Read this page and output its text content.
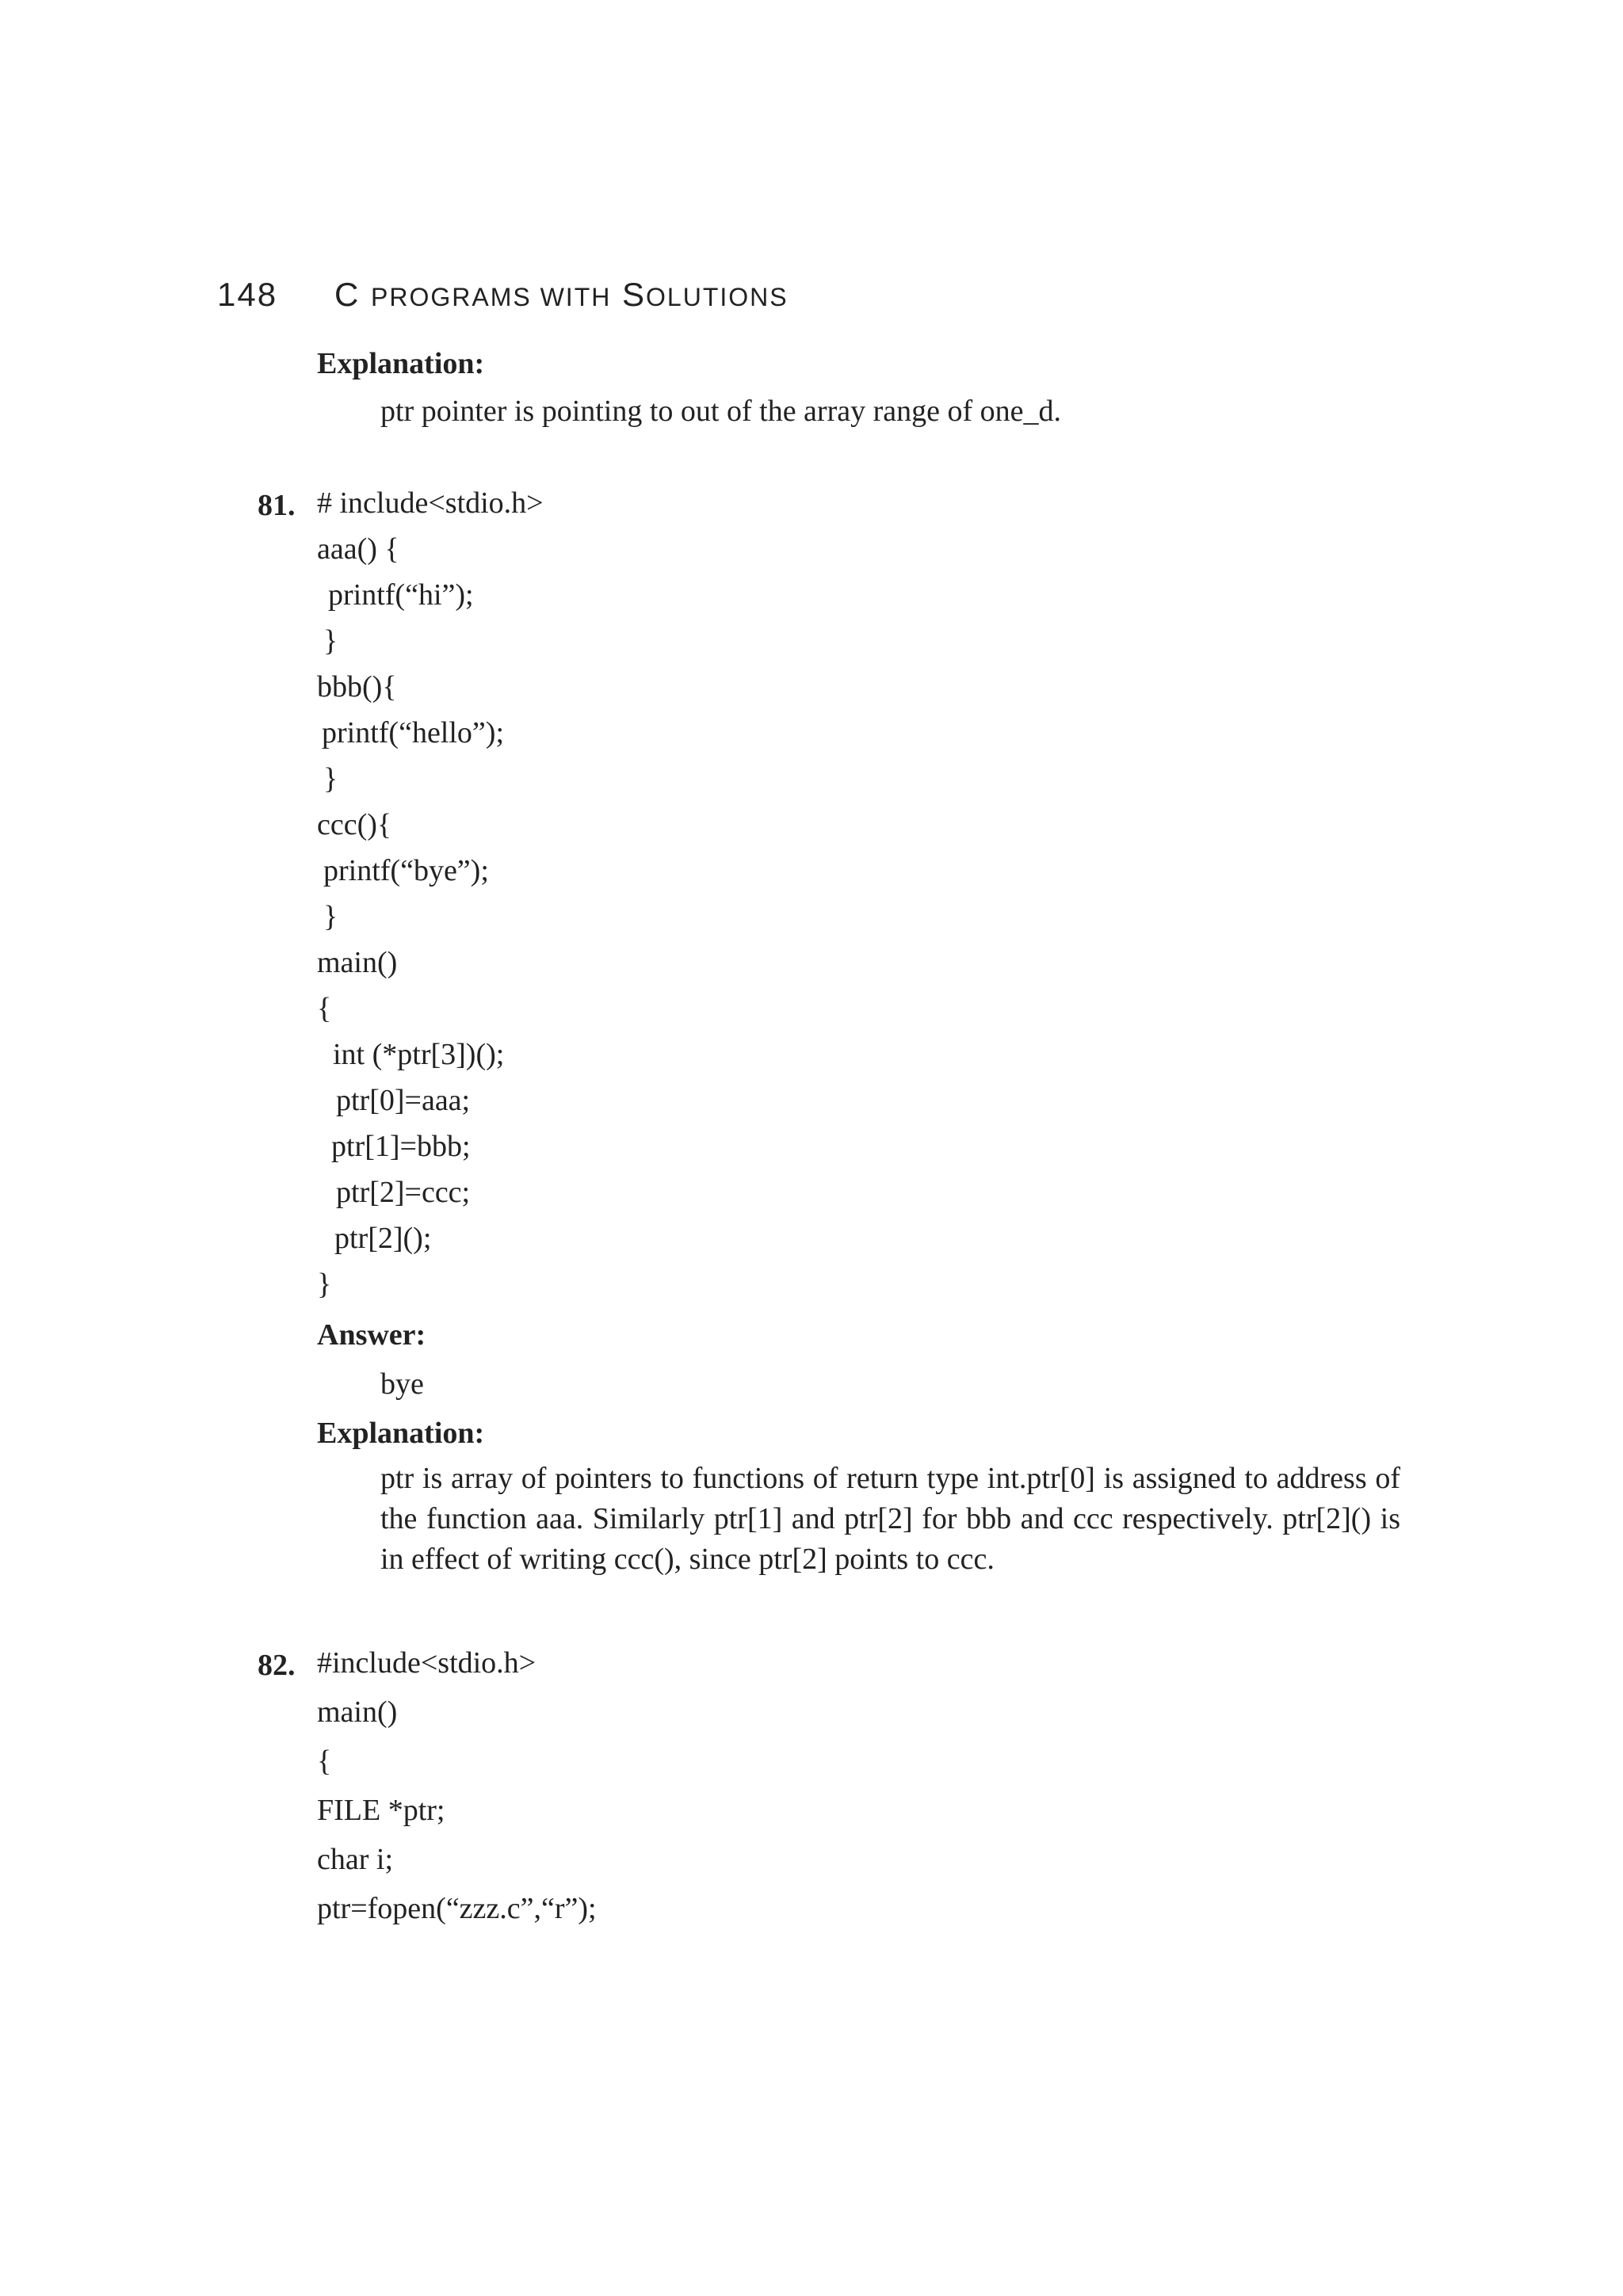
148 C PROGRAMS WITH SOLUTIONS
Explanation:
ptr pointer is pointing to out of the array range of one_d.
81. # include<stdio.h>
aaa() {
printf(“hi”);
}
bbb(){
printf(“hello”);
}
ccc(){
printf(“bye”);
}
main()
{
int (*ptr[3])();
ptr[0]=aaa;
ptr[1]=bbb;
ptr[2]=ccc;
ptr[2]();
}
Answer:
bye
Explanation:
ptr is array of pointers to functions of return type int.ptr[0] is assigned to address of the function aaa. Similarly ptr[1] and ptr[2] for bbb and ccc respectively. ptr[2]() is in effect of writing ccc(), since ptr[2] points to ccc.
82. #include<stdio.h>
main()
{
FILE *ptr;
char i;
ptr=fopen(“zzz.c”,“r”);
